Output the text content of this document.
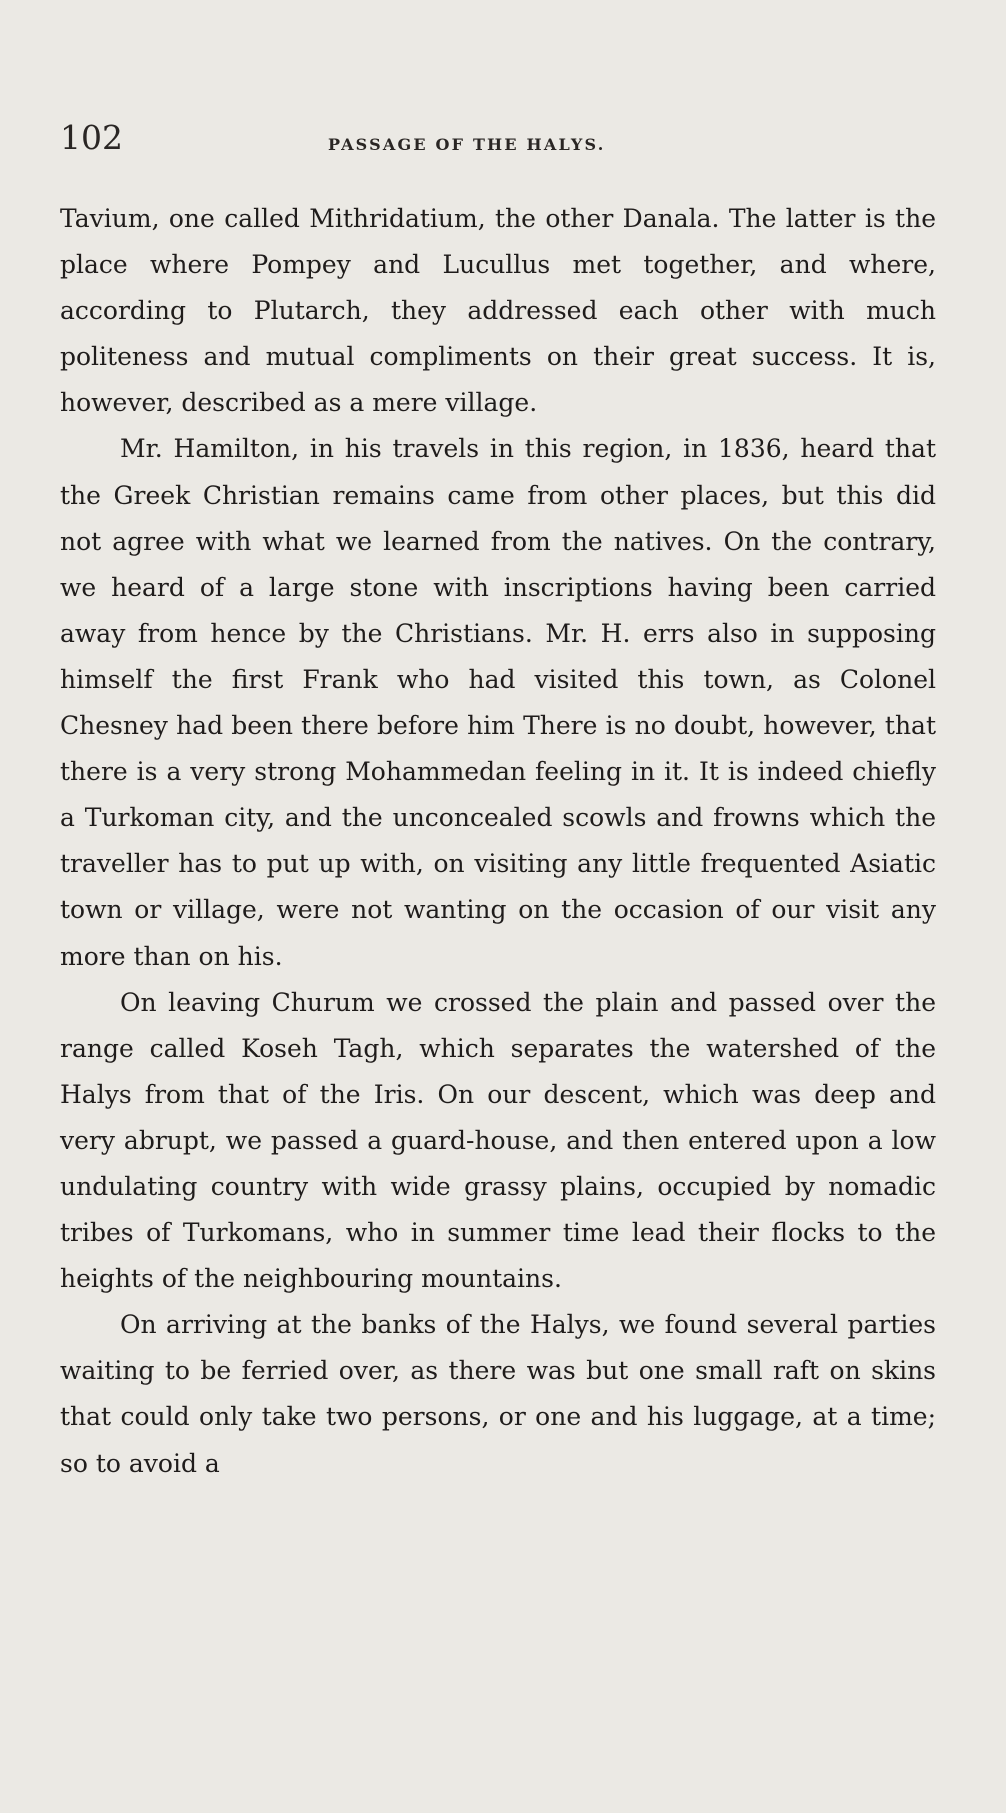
102	PASSAGE OF THE HALYS.

Tavium, one called Mithridatium, the other Danala. The latter is the place where Pompey and Lucullus met together, and where, according to Plutarch, they addressed each other with much politeness and mutual compliments on their great success. It is, however, described as a mere village.

Mr. Hamilton, in his travels in this region, in 1836, heard that the Greek Christian remains came from other places, but this did not agree with what we learned from the natives. On the contrary, we heard of a large stone with inscriptions having been carried away from hence by the Christians. Mr. H. errs also in supposing himself the first Frank who had visited this town, as Colonel Chesney had been there before him There is no doubt, however, that there is a very strong Mohammedan feeling in it. It is indeed chiefly a Turkoman city, and the unconcealed scowls and frowns which the traveller has to put up with, on visiting any little frequented Asiatic town or village, were not wanting on the occasion of our visit any more than on his.

On leaving Churum we crossed the plain and passed over the range called Koseh Tagh, which separates the watershed of the Halys from that of the Iris. On our descent, which was deep and very abrupt, we passed a guard-house, and then entered upon a low undulating country with wide grassy plains, occupied by nomadic tribes of Turkomans, who in summer time lead their flocks to the heights of the neighbouring mountains.

On arriving at the banks of the Halys, we found several parties waiting to be ferried over, as there was but one small raft on skins that could only take two persons, or one and his luggage, at a time; so to avoid a
